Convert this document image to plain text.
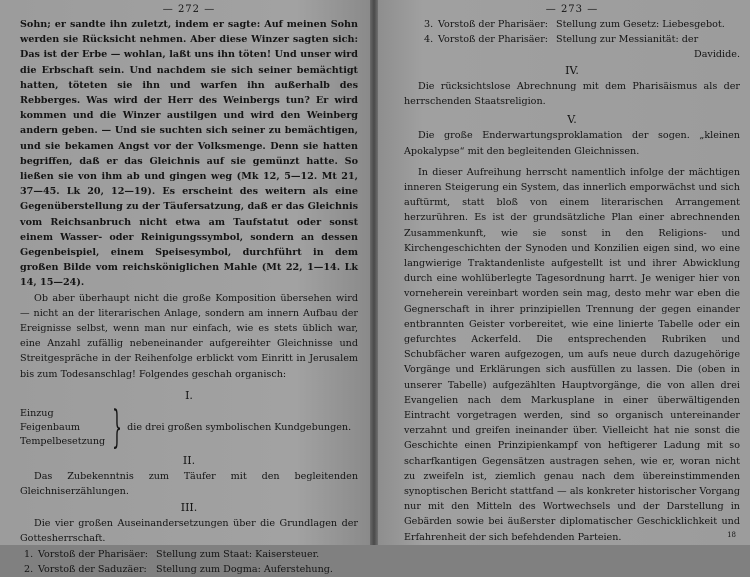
— 272 —

Sohn; er sandte ihn zuletzt, indem er sagte: Auf meinen Sohn werden sie Rücksicht nehmen. Aber diese Winzer sagten sich: Das ist der Erbe — wohlan, laßt uns ihn töten! Und unser wird die Erbschaft sein. Und nachdem sie sich seiner bemächtigt hatten, töteten sie ihn und warfen ihn außerhalb des Rebberges. Was wird der Herr des Weinbergs tun? Er wird kommen und die Winzer austilgen und wird den Weinberg andern geben. — Und sie suchten sich seiner zu bemächtigen, und sie bekamen Angst vor der Volksmenge. Denn sie hatten begriffen, daß er das Gleichnis auf sie gemünzt hatte. So ließen sie von ihm ab und gingen weg (Mk 12, 5—12. Mt 21, 37—45. Lk 20, 12—19). Es erscheint des weitern als eine Gegenüberstellung zu der Täufersatzung, daß er das Gleichnis vom Reichsanbruch nicht etwa am Taufstatut oder sonst einem Wasser- oder Reinigungssymbol, sondern an dessen Gegenbeispiel, einem Speisesymbol, durchführt in dem großen Bilde vom reichsköniglichen Mahle (Mt 22, 1—14. Lk 14, 15—24).

Ob aber überhaupt nicht die große Komposition übersehen wird — nicht an der literarischen Anlage, sondern am innern Aufbau der Ereignisse selbst, wenn man nur einfach, wie es stets üblich war, eine Anzahl zufällig nebeneinander aufgereihter Gleichnisse und Streitgespräche in der Reihenfolge erblickt vom Einritt in Jerusalem bis zum Todesanschlag! Folgendes geschah organisch:

I.
Einzug
Feigenbaum
Tempelbesetzung } die drei großen symbolischen Kundgebungen.
II.

Das Zubekenntnis zum Täufer mit den begleitenden Gleichniserzählungen.

III.

Die vier großen Auseinandersetzungen über die Grundlagen der Gottesherrschaft.

1. Vorstoß der Pharisäer: Stellung zum Staat: Kaisersteuer.
2. Vorstoß der Saduzäer: Stellung zum Dogma: Auferstehung.
— 273 —
3. Vorstoß der Pharisäer: Stellung zum Gesetz: Liebesgebot.
4. Vorstoß der Pharisäer: Stellung zur Messianität: der
Davidide.
IV.

Die rücksichtslose Abrechnung mit dem Pharisäismus als der herrschenden Staatsreligion.

V.

Die große Enderwartungsproklamation der sogen. „kleinen Apokalypse“ mit den begleitenden Gleichnissen.

In dieser Aufreihung herrscht namentlich infolge der mächtigen inneren Steigerung ein System, das innerlich emporwächst und sich auftürmt, statt bloß von einem literarischen Arrangement herzurühren. Es ist der grundsätzliche Plan einer abrechnenden Zusammenkunft, wie sie sonst in den Religions- und Kirchengeschichten der Synoden und Konzilien eigen sind, wo eine langwierige Traktandenliste aufgestellt ist und ihrer Abwicklung durch eine wohlüberlegte Tagesordnung harrt. Je weniger hier von vorneherein vereinbart worden sein mag, desto mehr war eben die Gegnerschaft in ihrer prinzipiellen Trennung der gegen einander entbrannten Geister vorbereitet, wie eine linierte Tabelle oder ein gefurchtes Ackerfeld. Die entsprechenden Rubriken und Schubfächer waren aufgezogen, um aufs neue durch dazugehörige Vorgänge und Erklärungen sich ausfüllen zu lassen. Die (oben in unserer Tabelle) aufgezählten Hauptvorgänge, die von allen drei Evangelien nach dem Markusplane in einer überwältigenden Eintracht vorgetragen werden, sind so organisch untereinander verzahnt und greifen ineinander über. Vielleicht hat nie sonst die Geschichte einen Prinzipienkampf von heftigerer Ladung mit so scharfkantigen Gegensätzen austragen sehen, wie er, woran nicht zu zweifeln ist, ziemlich genau nach dem übereinstimmenden synoptischen Bericht stattfand — als konkreter historischer Vorgang nur mit den Mitteln des Wortwechsels und der Darstellung in Gebärden sowie bei äußerster diplomatischer Geschicklichkeit und Erfahrenheit der sich befehdenden Parteien.	18
